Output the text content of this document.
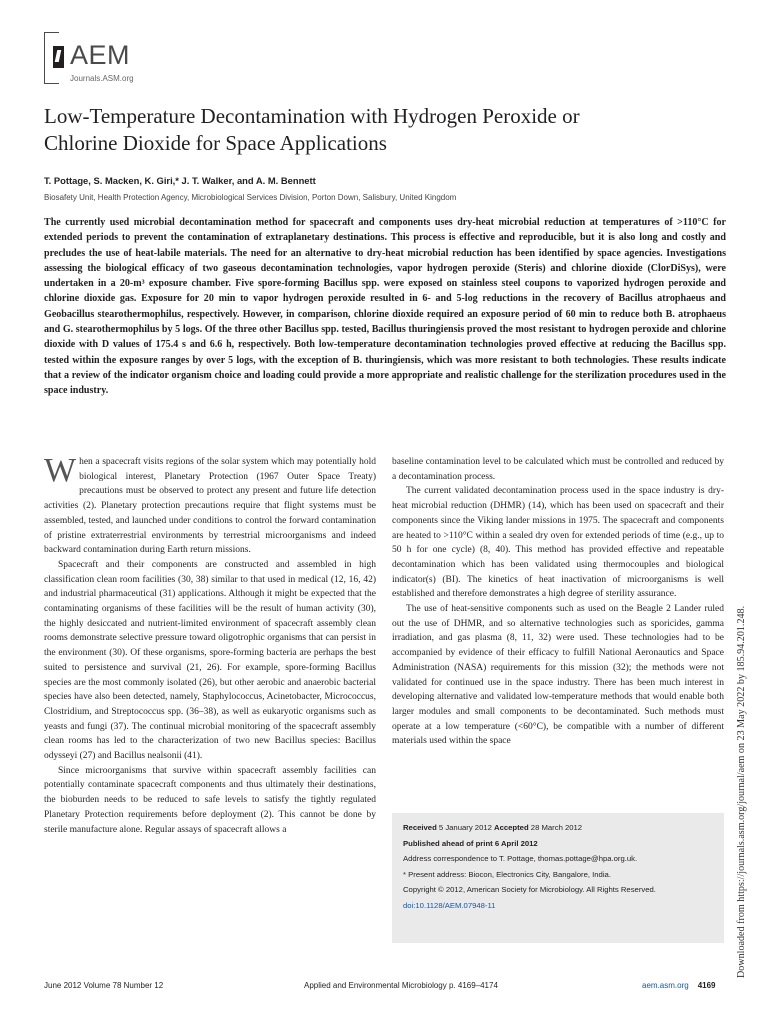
AEM
Journals.ASM.org
Low-Temperature Decontamination with Hydrogen Peroxide or
Chlorine Dioxide for Space Applications
T. Pottage, S. Macken, K. Giri,* J. T. Walker, and A. M. Bennett
Biosafety Unit, Health Protection Agency, Microbiological Services Division, Porton Down, Salisbury, United Kingdom

The currently used microbial decontamination method for spacecraft and components uses dry-heat microbial reduction at temperatures of >110°C for extended periods to prevent the contamination of extraplanetary destinations. This process is effective and reproducible, but it is also long and costly and precludes the use of heat-labile materials. The need for an alternative to dry-heat microbial reduction has been identified by space agencies. Investigations assessing the biological efficacy of two gaseous decontamination technologies, vapor hydrogen peroxide (Steris) and chlorine dioxide (ClorDiSys), were undertaken in a 20-m³ exposure chamber. Five spore-forming Bacillus spp. were exposed on stainless steel coupons to vaporized hydrogen peroxide and chlorine dioxide gas. Exposure for 20 min to vapor hydrogen peroxide resulted in 6- and 5-log reductions in the recovery of Bacillus atrophaeus and Geobacillus stearothermophilus, respectively. However, in comparison, chlorine dioxide required an exposure period of 60 min to reduce both B. atrophaeus and G. stearothermophilus by 5 logs. Of the three other Bacillus spp. tested, Bacillus thuringiensis proved the most resistant to hydrogen peroxide and chlorine dioxide with D values of 175.4 s and 6.6 h, respectively. Both low-temperature decontamination technologies proved effective at reducing the Bacillus spp. tested within the exposure ranges by over 5 logs, with the exception of B. thuringiensis, which was more resistant to both technologies. These results indicate that a review of the indicator organism choice and loading could provide a more appropriate and realistic challenge for the sterilization procedures used in the space industry.

When a spacecraft visits regions of the solar system which may potentially hold biological interest, Planetary Protection (1967 Outer Space Treaty) precautions must be observed to protect any present and future life detection activities (2). Planetary protection precautions require that flight systems must be assembled, tested, and launched under conditions to control the forward contamination of pristine extraterrestrial environments by terrestrial microorganisms and indeed backward contamination during Earth return missions.

Spacecraft and their components are constructed and assembled in high classification clean room facilities (30, 38) similar to that used in medical (12, 16, 42) and industrial pharmaceutical (31) applications. Although it might be expected that the contaminating organisms of these facilities will be the result of human activity (30), the highly desiccated and nutrient-limited environment of spacecraft assembly clean rooms demonstrate selective pressure toward oligotrophic organisms that can persist in the environment (30). Of these organisms, spore-forming bacteria are perhaps the best suited to persistence and survival (21, 26). For example, spore-forming Bacillus species are the most commonly isolated (26), but other aerobic and anaerobic bacterial species have also been detected, namely, Staphylococcus, Acinetobacter, Micrococcus, Clostridium, and Streptococcus spp. (36–38), as well as eukaryotic organisms such as yeasts and fungi (37). The continual microbial monitoring of the spacecraft assembly clean rooms has led to the characterization of two new Bacillus species: Bacillus odysseyi (27) and Bacillus nealsonii (41).

Since microorganisms that survive within spacecraft assembly facilities can potentially contaminate spacecraft components and thus ultimately their destinations, the bioburden needs to be reduced to safe levels to satisfy the tightly regulated Planetary Protection requirements before deployment (2). This cannot be done by sterile manufacture alone. Regular assays of spacecraft allows a

baseline contamination level to be calculated which must be controlled and reduced by a decontamination process.

The current validated decontamination process used in the space industry is dry-heat microbial reduction (DHMR) (14), which has been used on spacecraft and their components since the Viking lander missions in 1975. The spacecraft and components are heated to >110°C within a sealed dry oven for extended periods of time (e.g., up to 50 h for one cycle) (8, 40). This method has provided effective and repeatable decontamination which has been validated using thermocouples and biological indicator(s) (BI). The kinetics of heat inactivation of microorganisms is well established and therefore demonstrates a high degree of sterility assurance.

The use of heat-sensitive components such as used on the Beagle 2 Lander ruled out the use of DHMR, and so alternative technologies such as sporicides, gamma irradiation, and gas plasma (8, 11, 32) were used. These technologies had to be accompanied by evidence of their efficacy to fulfill National Aeronautics and Space Administration (NASA) requirements for this mission (32); the methods were not validated for continued use in the space industry. There has been much interest in developing alternative and validated low-temperature methods that would enable both larger modules and small components to be decontaminated. Such methods must operate at a low temperature (<60°C), be compatible with a number of different materials used within the space

Received 5 January 2012 Accepted 28 March 2012
Published ahead of print 6 April 2012
Address correspondence to T. Pottage, thomas.pottage@hpa.org.uk.
* Present address: Biocon, Electronics City, Bangalore, India.
Copyright © 2012, American Society for Microbiology. All Rights Reserved.
doi:10.1128/AEM.07948-11
June 2012 Volume 78 Number 12	Applied and Environmental Microbiology p. 4169–4174	aem.asm.org 4169
Downloaded from https://journals.asm.org/journal/aem on 23 May 2022 by 185.94.201.248.
